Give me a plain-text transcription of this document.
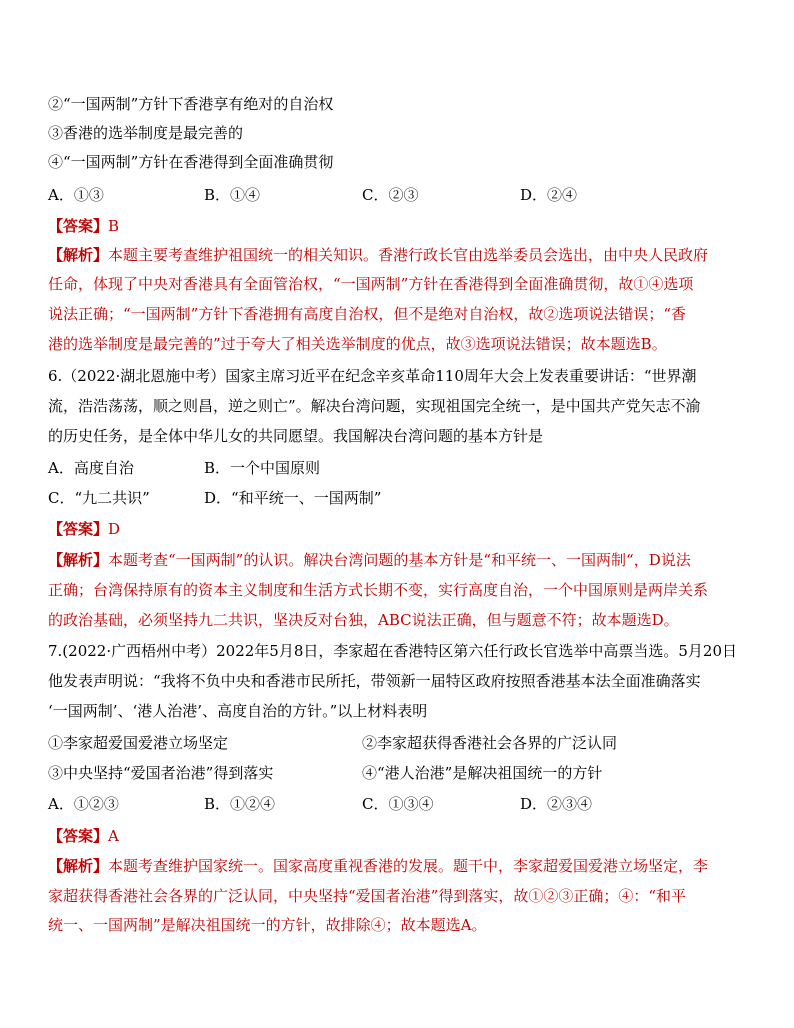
②“一国两制”方针下香港享有绝对的自治权
③香港的选举制度是最完善的
④“一国两制”方针在香港得到全面准确贯彻
A．①③	B．①④	C．②③	D．②④
【答案】B
【解析】本题主要考查维护祖国统一的相关知识。香港行政长官由选举委员会选出，由中央人民政府
任命，体现了中央对香港具有全面管治权，“一国两制”方针在香港得到全面准确贯彻，故①④选项
说法正确；“一国两制”方针下香港拥有高度自治权，但不是绝对自治权，故②选项说法错误；“香
港的选举制度是最完善的”过于夸大了相关选举制度的优点，故③选项说法错误；故本题选B。
6.（2022·湖北恩施中考）国家主席习近平在纪念辛亥革命110周年大会上发表重要讲话：“世界潮
流，浩浩荡荡，顺之则昌，逆之则亡”。解决台湾问题，实现祖国完全统一，是中国共产党矢志不渝
的历史任务，是全体中华儿女的共同愿望。我国解决台湾问题的基本方针是
A．高度自治	B．一个中国原则
C．“九二共识”	D．“和平统一、一国两制”
【答案】D
【解析】本题考查“一国两制”的认识。解决台湾问题的基本方针是“和平统一、一国两制“，D说法
正确；台湾保持原有的资本主义制度和生活方式长期不变，实行高度自治，一个中国原则是两岸关系
的政治基础，必须坚持九二共识，坚决反对台独，ABC说法正确，但与题意不符；故本题选D。
7.(2022·广西梧州中考）2022年5月8日，李家超在香港特区第六任行政长官选举中高票当选。5月20日
他发表声明说：“我将不负中央和香港市民所托，带领新一届特区政府按照香港基本法全面准确落实
‘一国两制’、‘港人治港’、高度自治的方针。”以上材料表明
①李家超爱国爱港立场坚定	②李家超获得香港社会各界的广泛认同
③中央坚持“爱国者治港”得到落实	④“港人治港”是解决祖国统一的方针
A．①②③	B．①②④	C．①③④	D．②③④
【答案】A
【解析】本题考查维护国家统一。国家高度重视香港的发展。题干中，李家超爱国爱港立场坚定，李
家超获得香港社会各界的广泛认同，中央坚持“爱国者治港”得到落实，故①②③正确；④：“和平
统一、一国两制”是解决祖国统一的方针，故排除④；故本题选A。
